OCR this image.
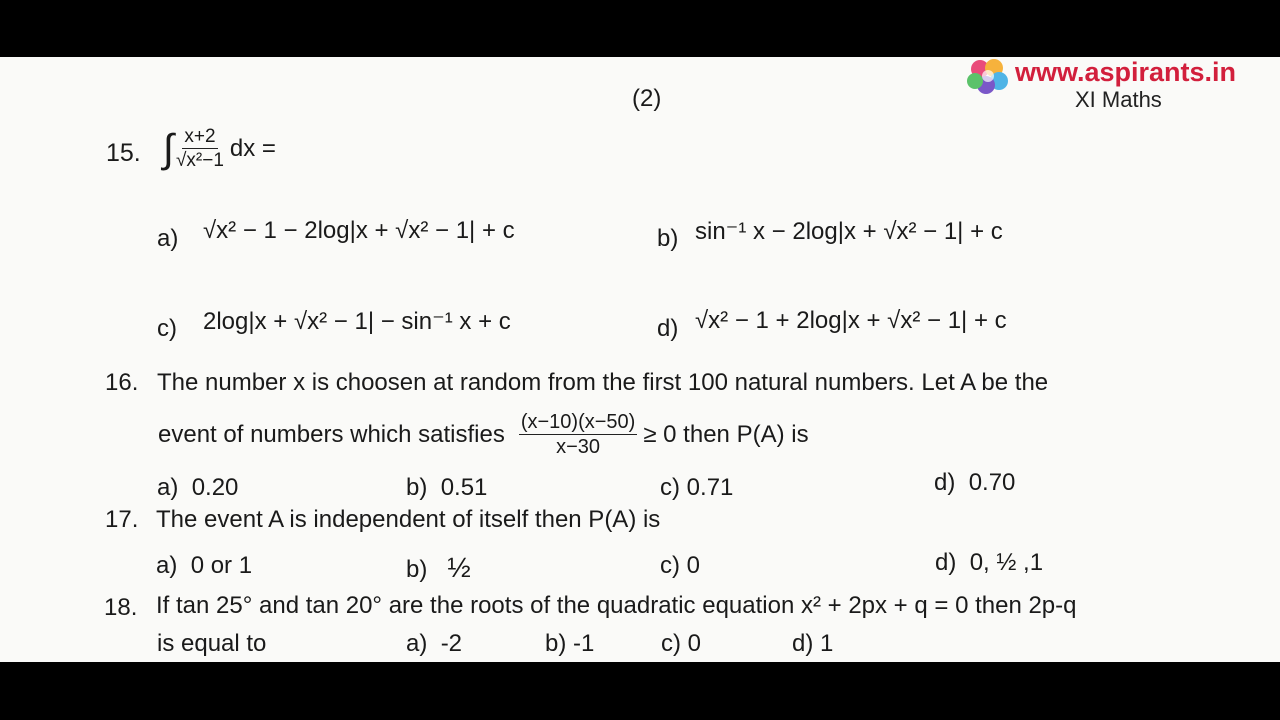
www.aspirants.in
XI Maths
(2)
15. ∫ $\frac{x+2}{\text{√x²−1}}$ dx =
a) √x² − 1 − 2log|x + √x² − 1| + c	b) sin⁻¹ x − 2log|x + √x² − 1| + c
c) 2log|x + √x² − 1| − sin⁻¹ x + c	d) √x² − 1 + 2log|x + √x² − 1| + c
16. The number x is choosen at random from the first 100 natural numbers. Let A be the
event of numbers which satisfies $\frac{(x-10)(x-50)}{x-30} \ge 0$ then P(A) is
a) 0.20	b) 0.51	c) 0.71	d) 0.70
17. The event A is independent of itself then P(A) is
a) 0 or 1	b) ½	c) 0	d) 0, ½ ,1
18. If tan 25° and tan 20° are the roots of the quadratic equation x² + 2px + q = 0 then 2p-q
is equal to	a) -2	b) -1	c) 0	d) 1
